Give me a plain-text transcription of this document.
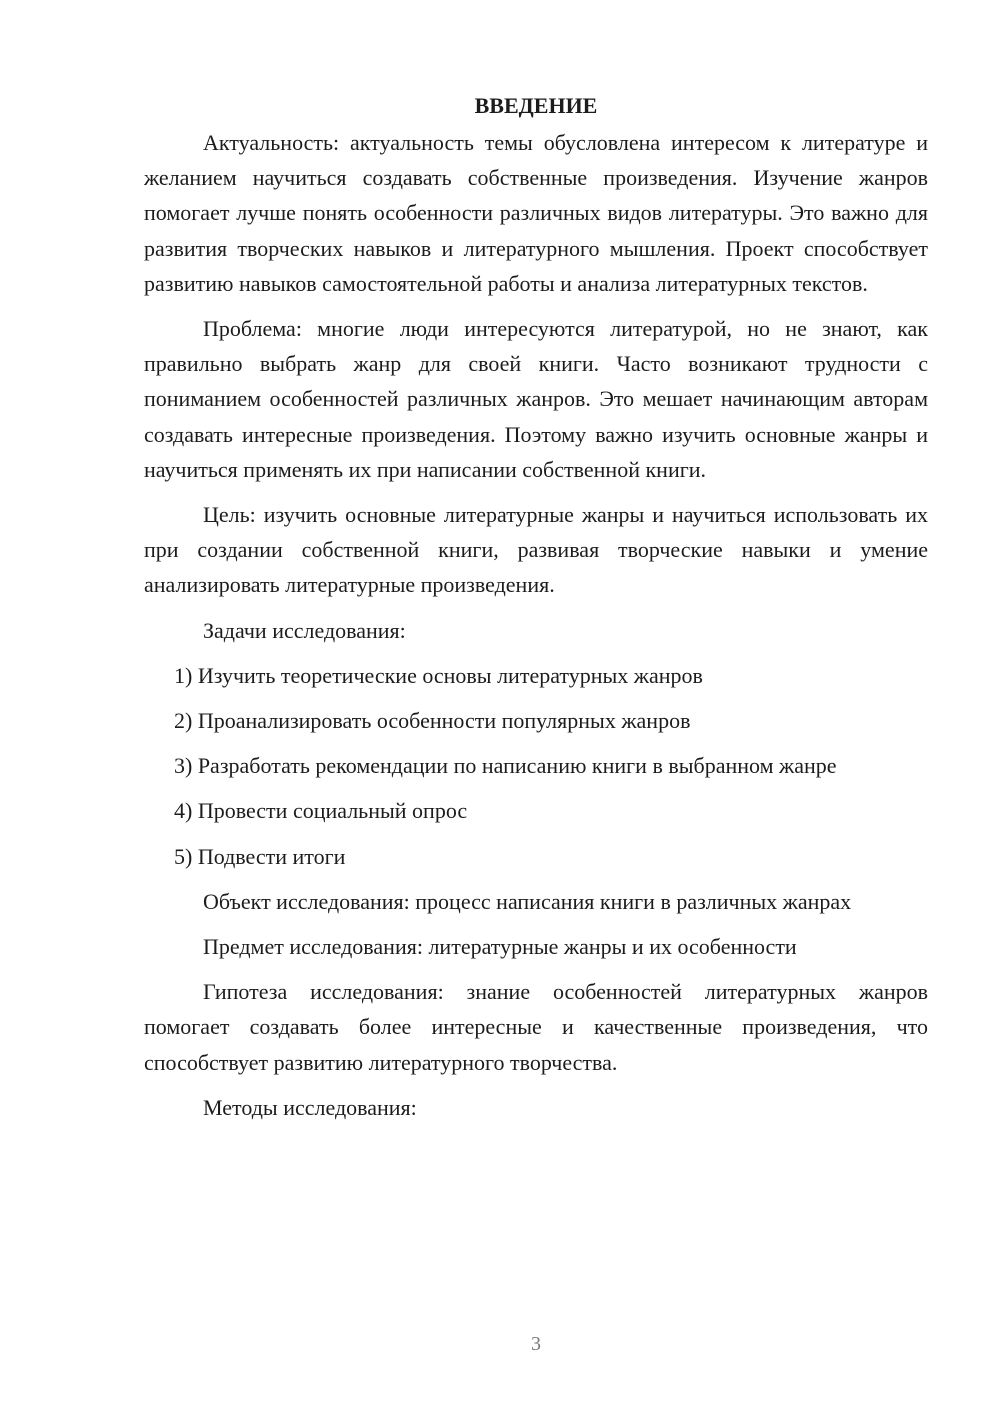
ВВЕДЕНИЕ

Актуальность: актуальность темы обусловлена интересом к литературе и желанием научиться создавать собственные произведения. Изучение жанров помогает лучше понять особенности различных видов литературы. Это важно для развития творческих навыков и литературного мышления. Проект способствует развитию навыков самостоятельной работы и анализа литературных текстов.

Проблема: многие люди интересуются литературой, но не знают, как правильно выбрать жанр для своей книги. Часто возникают трудности с пониманием особенностей различных жанров. Это мешает начинающим авторам создавать интересные произведения. Поэтому важно изучить основные жанры и научиться применять их при написании собственной книги.

Цель: изучить основные литературные жанры и научиться использовать их при создании собственной книги, развивая творческие навыки и умение анализировать литературные произведения.

Задачи исследования:

1) Изучить теоретические основы литературных жанров

2) Проанализировать особенности популярных жанров

3) Разработать рекомендации по написанию книги в выбранном жанре

4) Провести социальный опрос

5) Подвести итоги

Объект исследования: процесс написания книги в различных жанрах

Предмет исследования: литературные жанры и их особенности

Гипотеза исследования: знание особенностей литературных жанров помогает создавать более интересные и качественные произведения, что способствует развитию литературного творчества.

Методы исследования:

3
